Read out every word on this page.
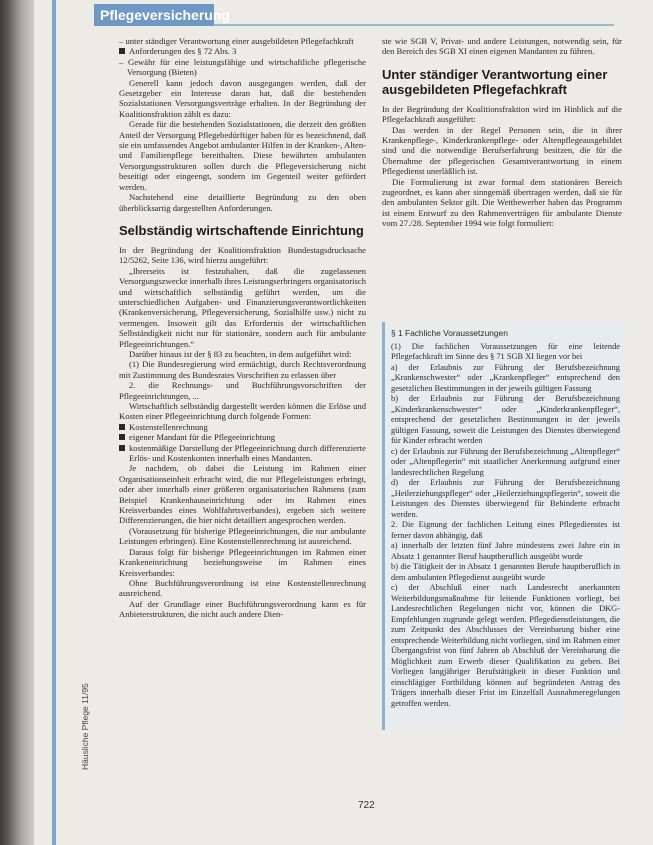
Pflegeversicherung

– unter ständiger Verantwortung einer ausgebildeten Pflegefachkraft

Anforderungen des § 72 Abs. 3

– Gewähr für eine leistungsfähige und wirtschaftliche pflegerische Versorgung (Bieten)

Generell kann jedoch davon ausgegangen werden, daß der Gesetzgeber ein Interesse daran hat, daß die bestehenden Sozialstationen Versorgungsverträge erhalten. In der Begründung der Koalitionsfraktion zählt es dazu:

Gerade für die bestehenden Sozialstationen, die derzeit den größten Anteil der Versorgung Pflegebedürftiger haben für es bezeichnend, daß sie ein umfassendes Angebot ambulanter Hilfen in der Kranken-, Alten- und Familienpflege bereithalten. Diese bewährten ambulanten Versorgungsstrukturen sollen durch die Pflegeversicherung nicht beseitigt oder eingeengt, sondern im Gegenteil weiter gefördert werden.

Nachstehend eine detaillierte Begründung zu den oben überblicksartig dargestellten Anforderungen.

Selbständig wirtschaftende Einrichtung

In der Begründung der Koalitionsfraktion Bundestagsdrucksache 12/5262, Seite 136, wird hierzu ausgeführt:

„Ihrerseits ist festzuhalten, daß die zugelassenen Versorgungszwecke innerhalb ihres Leistungserbringers organisatorisch und wirtschaftlich selbständig geführt werden, um die unterschiedlichen Aufgaben- und Finanzierungsverantwortlichkeiten (Krankenversicherung, Pflegeversicherung, Sozialhilfe usw.) nicht zu vermengen. Insoweit gilt das Erfordernis der wirtschaftlichen Selbständigkeit nicht nur für stationäre, sondern auch für ambulante Pflegeeinrichtungen.“

Darüber hinaus ist der § 83 zu beachten, in dem aufgeführt wird:

(1) Die Bundesregierung wird ermächtigt, durch Rechtsverordnung mit Zustimmung des Bundesrates Vorschriften zu erlassen über

2. die Rechnungs- und Buchführungsvorschriften der Pflegeeinrichtungen, ...

Wirtschaftlich selbständig dargestellt werden können die Erlöse und Kosten einer Pflegeeinrichtung durch folgende Formen:

Kostenstellenrechnung

eigener Mandant für die Pflegeeinrichtung

kostenmäßige Darstellung der Pflegeeinrichtung durch differenzierte Erlös- und Kostenkonten innerhalb eines Mandanten.

Je nachdem, ob dabei die Leistung im Rahmen einer Organisationseinheit erbracht wird, die nur Pflegeleistungen erbringt, oder aber innerhalb einer größeren organisatorischen Rahmens (zum Beispiel Krankenhauseinrichtung oder im Rahmen eines Kreisverbandes eines Wohlfahrtsverbandes), ergeben sich weitere Differenzierungen, die hier nicht detailliert angesprochen werden.

(Vorausetzung für bisherige Pflegeeinrichtungen, die nur ambulante Leistungen erbringen). Eine Kostenstellenrechnung ist ausreichend.

Daraus folgt für bisherige Pflegeeinrichtungen im Rahmen einer Krankeneinrichtung beziehungsweise im Rahmen eines Kreisverbandes:

Ohne Buchführungsverordnung ist eine Kostenstellenrechnung ausreichend.

Auf der Grundlage einer Buchführungsverordnung kann es für Anbieterstrukturen, die nicht auch andere Dien-

ste wie SGB V, Privat- und andere Leistungen, notwendig sein, für den Bereich des SGB XI einen eigenen Mandanten zu führen.

Unter ständiger Verantwortung einer ausgebildeten Pflegefachkraft

In der Begründung der Koalitionsfraktion wird im Hinblick auf die Pflegefachkraft ausgeführt:

Das werden in der Regel Personen sein, die in ihrer Krankenpflege-, Kinderkrankenpflege- oder Altenpflegeausgebildet sind und die notwendige Berufserfahrung besitzen, die für die Übernahme der pflegerischen Gesamtverantwortung in einem Pflegedienst unerläßlich ist.

Die Formulierung ist zwar formal dem stationären Bereich zugeordnet, es kann aber sinngemäß übertragen werden, daß sie für den ambulanten Sektor gilt. Die Wettbewerber haben das Programm ist einem Entwurf zu den Rahmenverträgen für ambulante Dienste vom 27./28. September 1994 wie folgt formuliert:

§ 1 Fachliche Voraussetzungen

(1) Die fachlichen Voraussetzungen für eine leitende Pflegefachkraft im Sinne des § 71 SGB XI liegen vor bei

a) der Erlaubnis zur Führung der Berufsbezeichnung „Krankenschwester“ oder „Krankenpfleger“ entsprechend den gesetzlichen Bestimmungen in der jeweils gültigen Fassung

b) der Erlaubnis zur Führung der Berufsbezeichnung „Kinderkrankenschwester“ oder „Kinderkrankenpfleger“, entsprechend der gesetzlichen Bestimmungen in der jeweils gültigen Fassung, soweit die Leistungen des Dienstes überwiegend für Kinder erbracht werden

c) der Erlaubnis zur Führung der Berufsbezeichnung „Altenpfleger“ oder „Altenpflegerin“ mit staatlicher Anerkennung aufgrund einer landesrechtlichen Regelung

d) der Erlaubnis zur Führung der Berufsbezeichnung „Heilerziehungspfleger“ oder „Heilerziehungspflegerin“, soweit die Leistungen des Dienstes überwiegend für Behinderte erbracht werden.

2. Die Eignung der fachlichen Leitung eines Pflegedienstes ist ferner davon abhängig, daß

a) innerhalb der letzten fünf Jahre mindestens zwei Jahre ein in Absatz 1 genannter Beruf hauptberuflich ausgeübt wurde

b) die Tätigkeit der in Absatz 1 genannten Berufe hauptberuflich in dem ambulanten Pflegedienst ausgeübt wurde

c) der Abschluß einer nach Landesrecht anerkannten Weiterbildungsmaßnahme für leitende Funktionen vorliegt, bei Landesrechtlichen Regelungen nicht vor, können die DKG-Empfehlungen zugrunde gelegt werden. Pflegedienstleistungen, die zum Zeitpunkt des Abschlusses der Vereinbarung bisher eine entsprechende Weiterbildung nicht vorliegen, sind im Rahmen einer Übergangsfrist von fünf Jahren ab Abschluß der Vereinbarung die Möglichkeit zum Erwerb dieser Qualifikation zu geben. Bei Vorliegen langjähriger Berufstätigkeit in dieser Funktion und einschlägiger Fortbildung können auf begründeten Antrag des Trägers innerhalb dieser Frist im Einzelfall Ausnahmeregelungen getroffen werden.

Häusliche Pflege 11/95
722
